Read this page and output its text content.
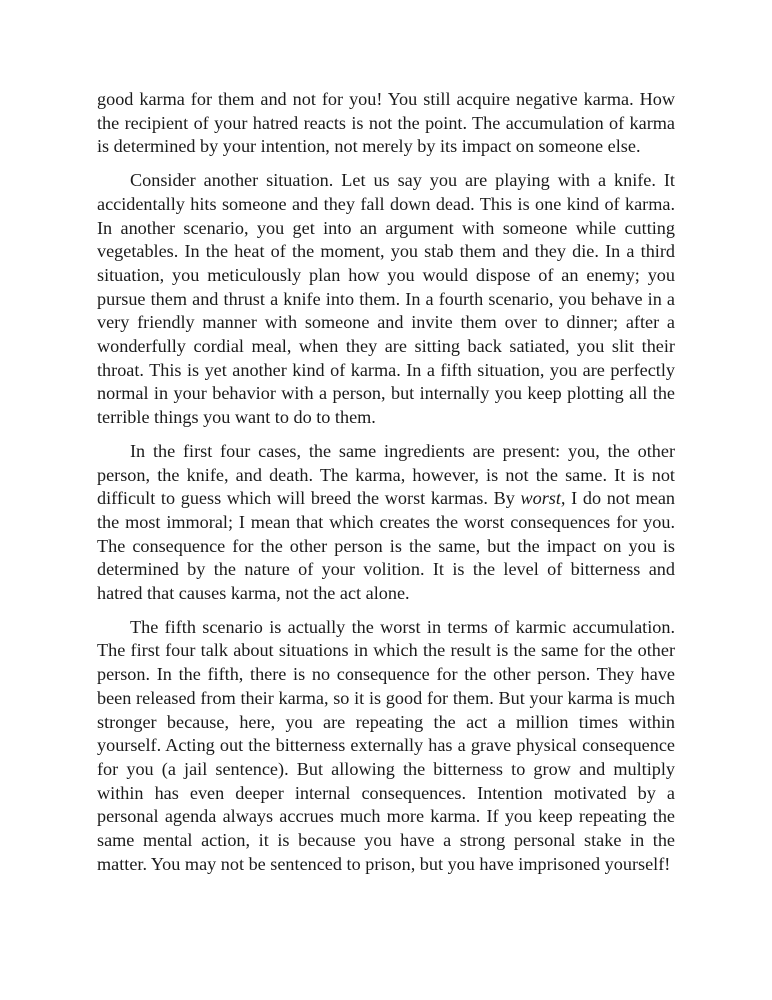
good karma for them and not for you! You still acquire negative karma. How the recipient of your hatred reacts is not the point. The accumulation of karma is determined by your intention, not merely by its impact on someone else.

Consider another situation. Let us say you are playing with a knife. It accidentally hits someone and they fall down dead. This is one kind of karma. In another scenario, you get into an argument with someone while cutting vegetables. In the heat of the moment, you stab them and they die. In a third situation, you meticulously plan how you would dispose of an enemy; you pursue them and thrust a knife into them. In a fourth scenario, you behave in a very friendly manner with someone and invite them over to dinner; after a wonderfully cordial meal, when they are sitting back satiated, you slit their throat. This is yet another kind of karma. In a fifth situation, you are perfectly normal in your behavior with a person, but internally you keep plotting all the terrible things you want to do to them.

In the first four cases, the same ingredients are present: you, the other person, the knife, and death. The karma, however, is not the same. It is not difficult to guess which will breed the worst karmas. By worst, I do not mean the most immoral; I mean that which creates the worst consequences for you. The consequence for the other person is the same, but the impact on you is determined by the nature of your volition. It is the level of bitterness and hatred that causes karma, not the act alone.

The fifth scenario is actually the worst in terms of karmic accumulation. The first four talk about situations in which the result is the same for the other person. In the fifth, there is no consequence for the other person. They have been released from their karma, so it is good for them. But your karma is much stronger because, here, you are repeating the act a million times within yourself. Acting out the bitterness externally has a grave physical consequence for you (a jail sentence). But allowing the bitterness to grow and multiply within has even deeper internal consequences. Intention motivated by a personal agenda always accrues much more karma. If you keep repeating the same mental action, it is because you have a strong personal stake in the matter. You may not be sentenced to prison, but you have imprisoned yourself!
